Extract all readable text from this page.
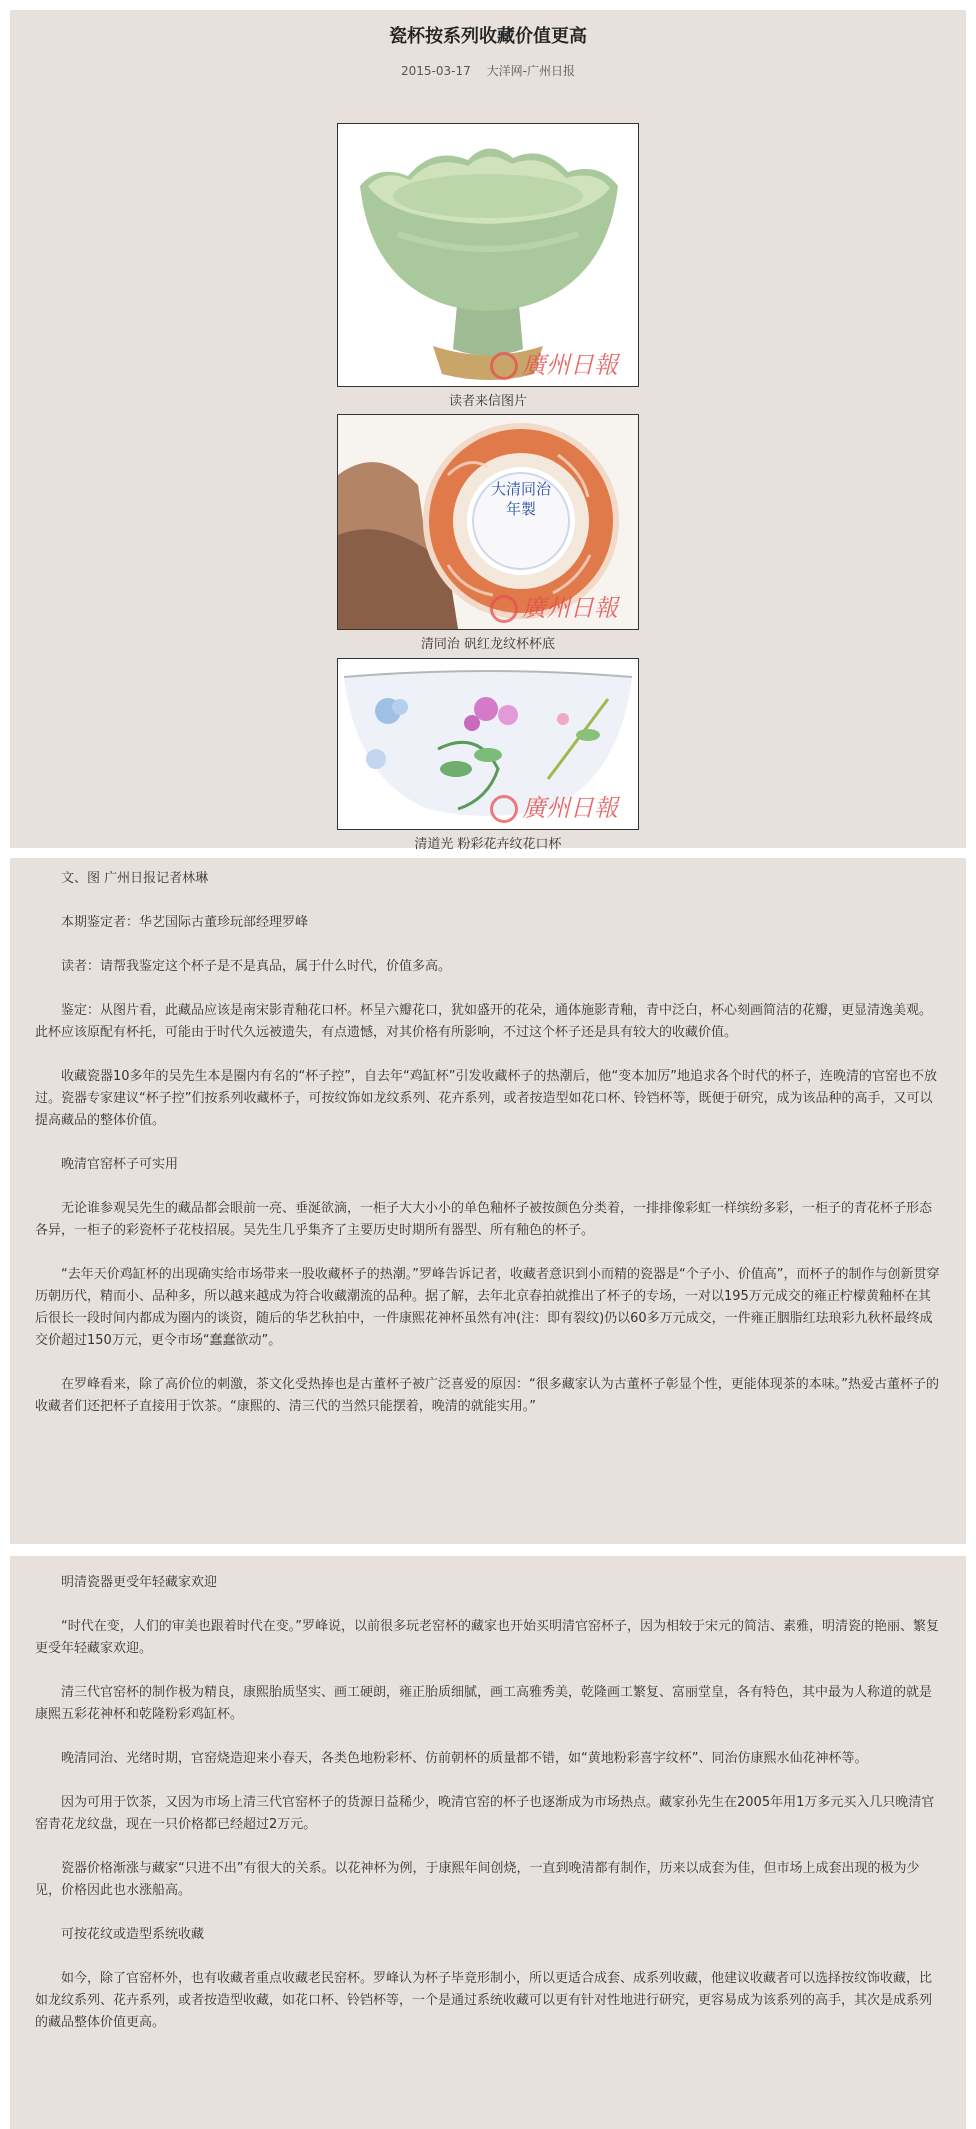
瓷杯按系列收藏价值更高
2015-03-17 大洋网-广州日报
廣州日報
读者来信图片
大清同治年製
廣州日報
清同治 矾红龙纹杯杯底
廣州日報
清道光 粉彩花卉纹花口杯

文、图 广州日报记者林琳

本期鉴定者：华艺国际古董珍玩部经理罗峰

读者：请帮我鉴定这个杯子是不是真品，属于什么时代，价值多高。

鉴定：从图片看，此藏品应该是南宋影青釉花口杯。杯呈六瓣花口，犹如盛开的花朵，通体施影青釉，青中泛白，杯心刻画简洁的花瓣，更显清逸美观。此杯应该原配有杯托，可能由于时代久远被遗失，有点遗憾，对其价格有所影响，不过这个杯子还是具有较大的收藏价值。

收藏瓷器10多年的吴先生本是圈内有名的“杯子控”，自去年“鸡缸杯”引发收藏杯子的热潮后，他“变本加厉”地追求各个时代的杯子，连晚清的官窑也不放过。瓷器专家建议“杯子控”们按系列收藏杯子，可按纹饰如龙纹系列、花卉系列，或者按造型如花口杯、铃铛杯等，既便于研究，成为该品种的高手，又可以提高藏品的整体价值。

晚清官窑杯子可实用

无论谁参观吴先生的藏品都会眼前一亮、垂涎欲滴，一柜子大大小小的单色釉杯子被按颜色分类着，一排排像彩虹一样缤纷多彩，一柜子的青花杯子形态各异，一柜子的彩瓷杯子花枝招展。吴先生几乎集齐了主要历史时期所有器型、所有釉色的杯子。

“去年天价鸡缸杯的出现确实给市场带来一股收藏杯子的热潮。”罗峰告诉记者，收藏者意识到小而精的瓷器是“个子小、价值高”，而杯子的制作与创新贯穿历朝历代，精而小、品种多，所以越来越成为符合收藏潮流的品种。据了解，去年北京春拍就推出了杯子的专场，一对以195万元成交的雍正柠檬黄釉杯在其后很长一段时间内都成为圈内的谈资，随后的华艺秋拍中，一件康熙花神杯虽然有冲(注：即有裂纹)仍以60多万元成交，一件雍正胭脂红珐琅彩九秋杯最终成交价超过150万元，更令市场“蠢蠢欲动”。

在罗峰看来，除了高价位的刺激，茶文化受热捧也是古董杯子被广泛喜爱的原因：“很多藏家认为古董杯子彰显个性，更能体现茶的本味。”热爱古董杯子的收藏者们还把杯子直接用于饮茶。“康熙的、清三代的当然只能摆着，晚清的就能实用。”

明清瓷器更受年轻藏家欢迎

“时代在变，人们的审美也跟着时代在变。”罗峰说，以前很多玩老窑杯的藏家也开始买明清官窑杯子，因为相较于宋元的简洁、素雅，明清瓷的艳丽、繁复更受年轻藏家欢迎。

清三代官窑杯的制作极为精良，康熙胎质坚实、画工硬朗，雍正胎质细腻，画工高雅秀美，乾隆画工繁复、富丽堂皇，各有特色，其中最为人称道的就是康熙五彩花神杯和乾隆粉彩鸡缸杯。

晚清同治、光绪时期，官窑烧造迎来小春天，各类色地粉彩杯、仿前朝杯的质量都不错，如“黄地粉彩喜字纹杯”、同治仿康熙水仙花神杯等。

因为可用于饮茶，又因为市场上清三代官窑杯子的货源日益稀少，晚清官窑的杯子也逐渐成为市场热点。藏家孙先生在2005年用1万多元买入几只晚清官窑青花龙纹盘，现在一只价格都已经超过2万元。

瓷器价格渐涨与藏家“只进不出”有很大的关系。以花神杯为例，于康熙年间创烧，一直到晚清都有制作，历来以成套为佳，但市场上成套出现的极为少见，价格因此也水涨船高。

可按花纹或造型系统收藏

如今，除了官窑杯外，也有收藏者重点收藏老民窑杯。罗峰认为杯子毕竟形制小，所以更适合成套、成系列收藏，他建议收藏者可以选择按纹饰收藏，比如龙纹系列、花卉系列，或者按造型收藏，如花口杯、铃铛杯等，一个是通过系统收藏可以更有针对性地进行研究，更容易成为该系列的高手，其次是成系列的藏品整体价值更高。
